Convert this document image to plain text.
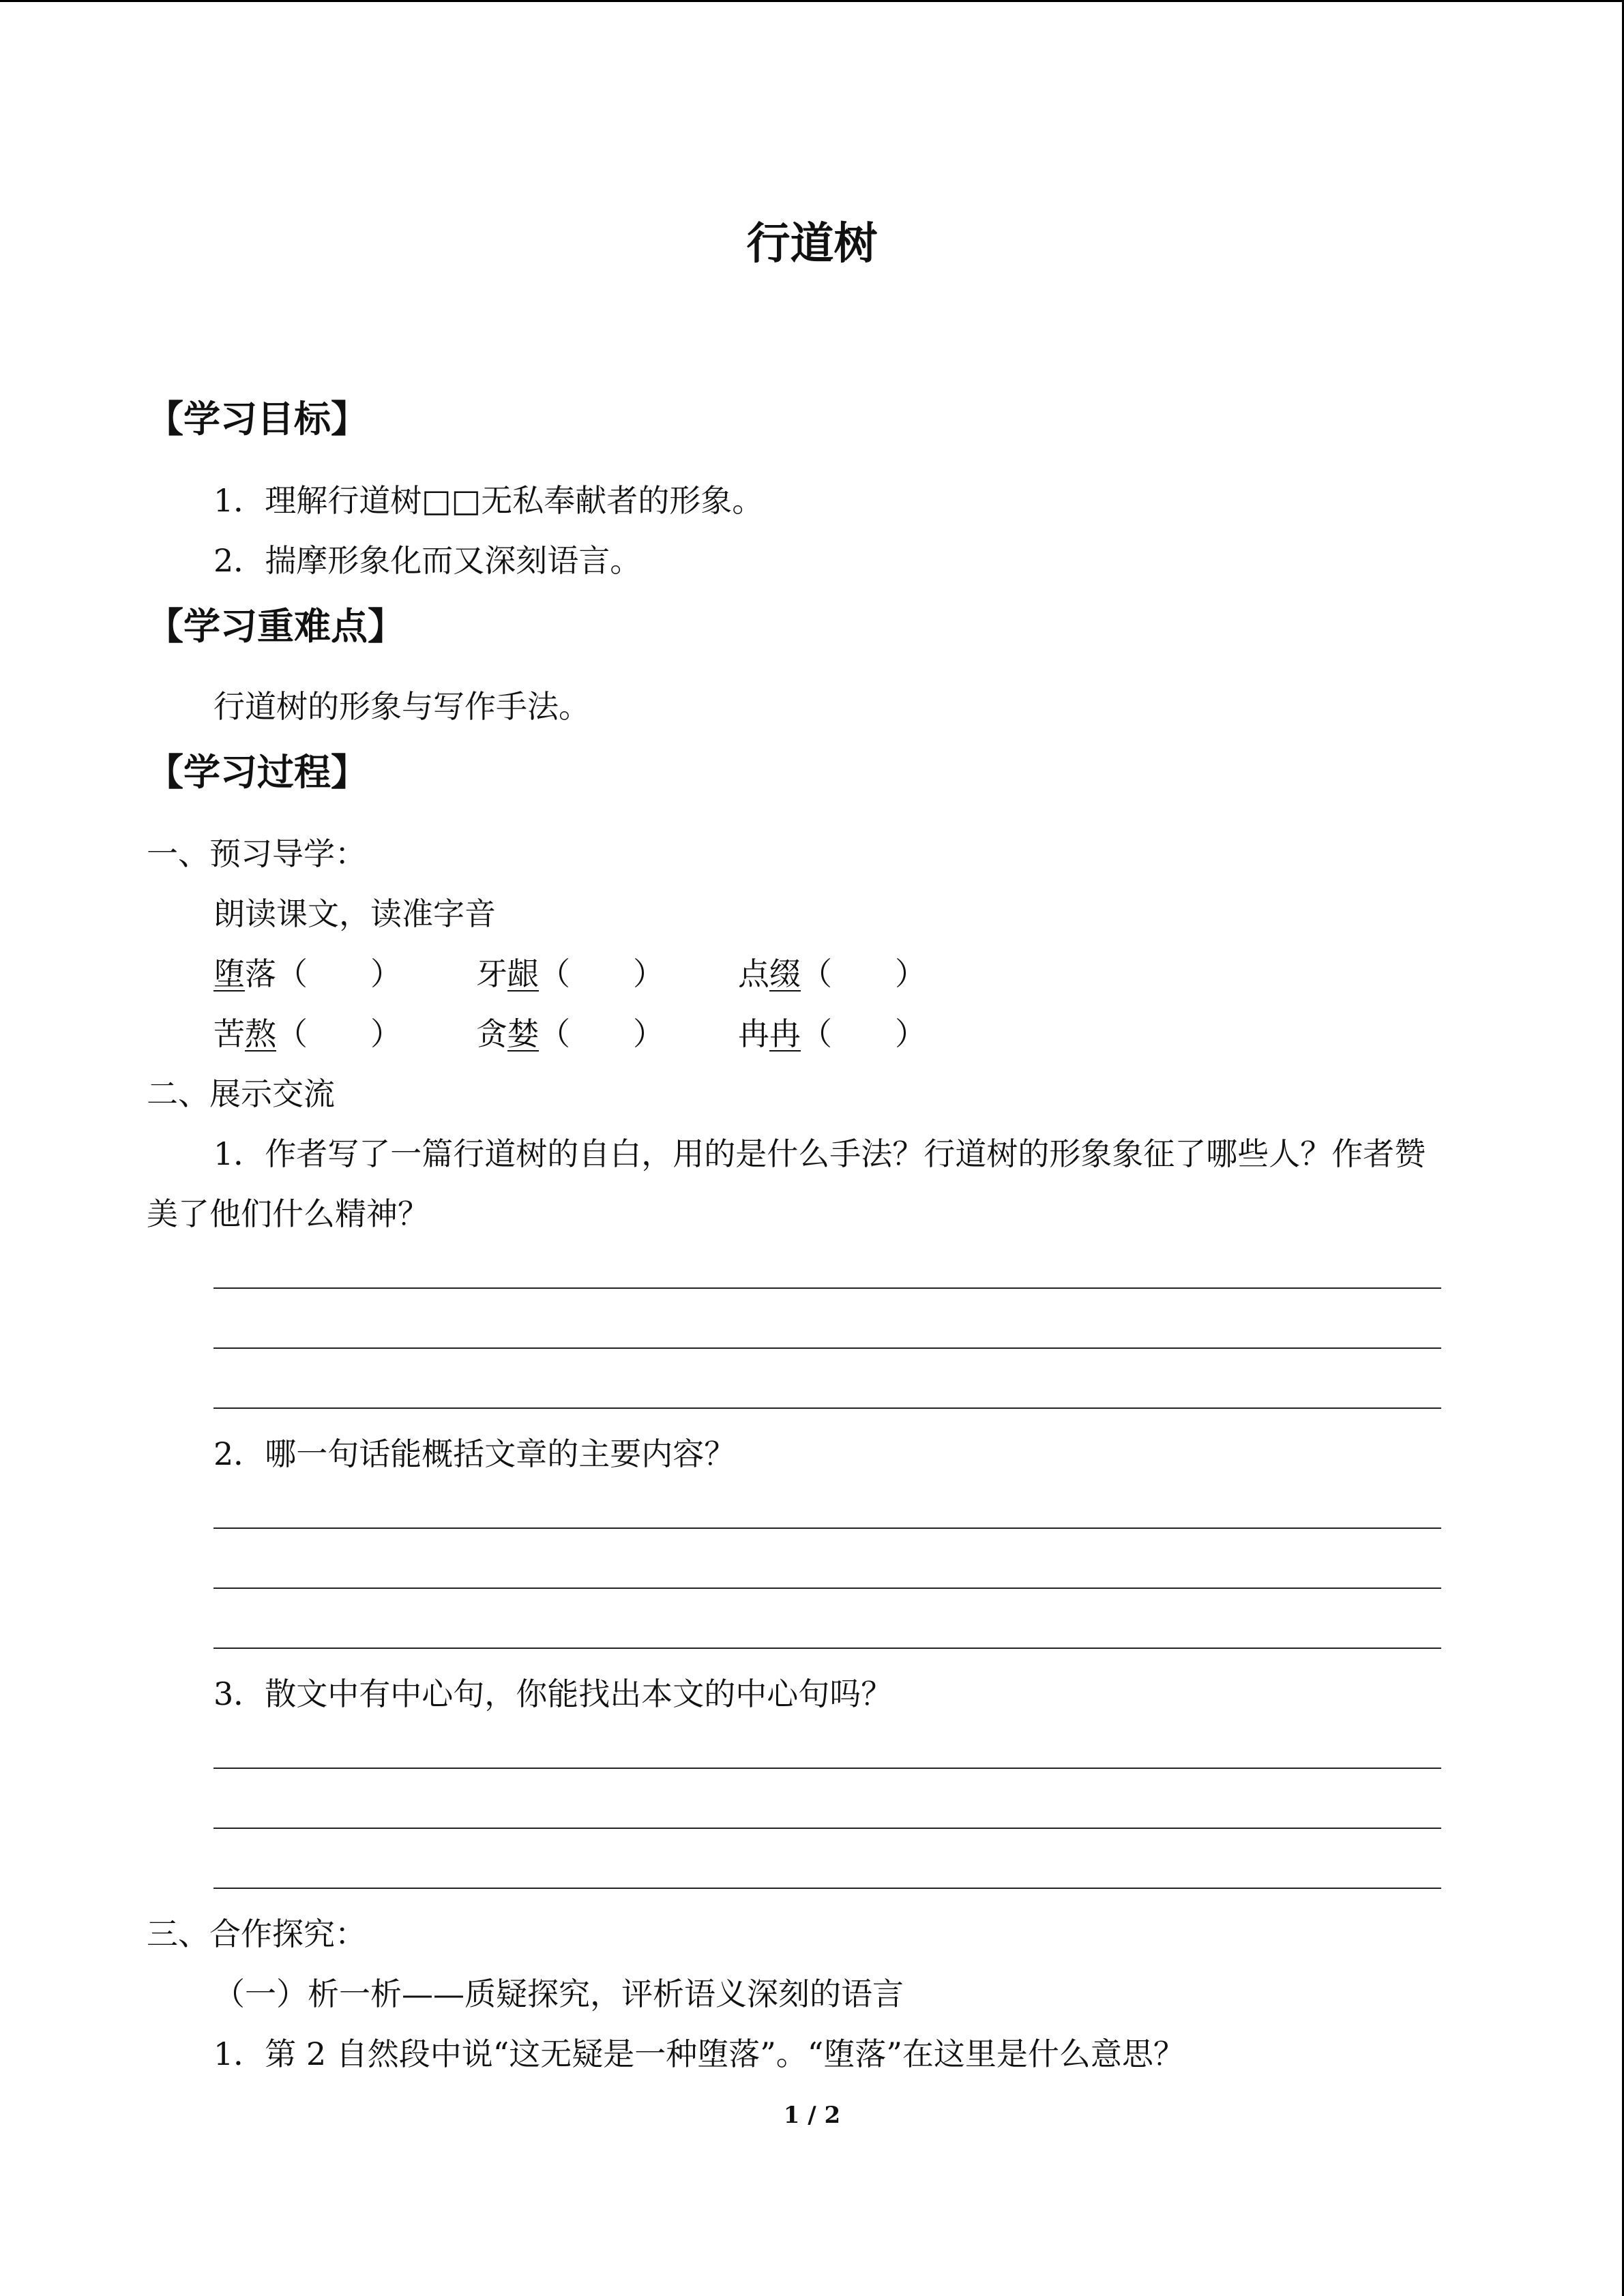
行道树
【学习目标】
1．理解行道树□□无私奉献者的形象。
2．揣摩形象化而又深刻语言。
【学习重难点】
行道树的形象与写作手法。
【学习过程】
一、预习导学：
朗读课文，读准字音
堕落（　　） 牙龈（　　） 点缀（　　）
苦熬（　　） 贪婪（　　） 冉冉（　　）
二、展示交流
1．作者写了一篇行道树的自白，用的是什么手法？行道树的形象象征了哪些人？作者赞
美了他们什么精神？
2．哪一句话能概括文章的主要内容？
3．散文中有中心句，你能找出本文的中心句吗？
三、合作探究：
（一）析一析——质疑探究，评析语义深刻的语言
1．第 2 自然段中说“这无疑是一种堕落”。“堕落”在这里是什么意思？
1 / 2
